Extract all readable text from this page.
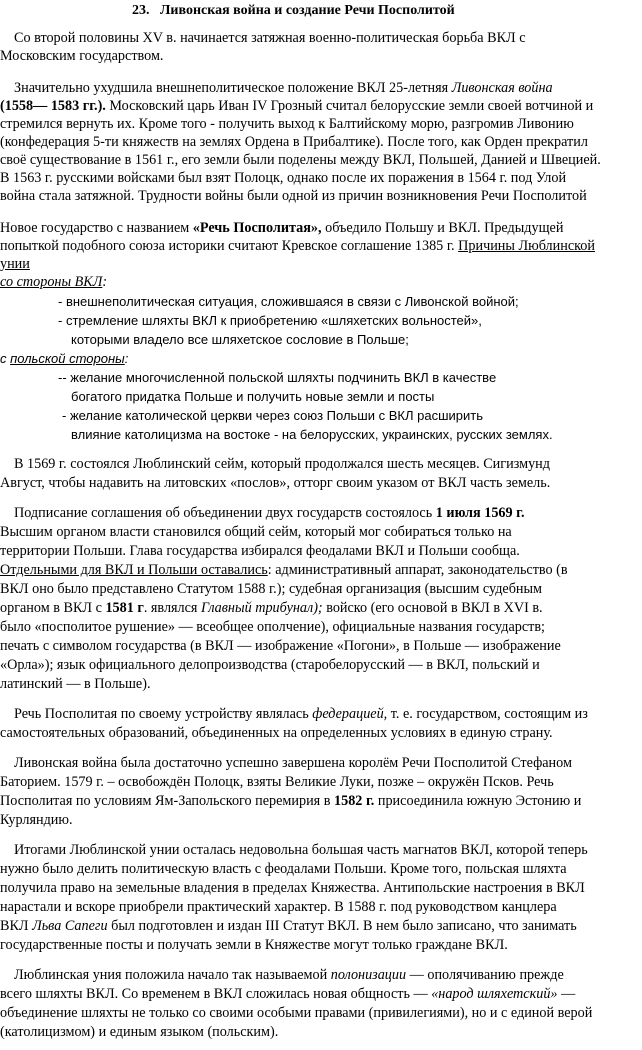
23. Ливонская война и создание Речи Посполитой
Со второй половины XV в. начинается затяжная военно-политическая борьба ВКЛ с
Московским государством.
Значительно ухудшила внешнеполитическое положение ВКЛ 25-летняя Ливонская война
(1558— 1583 гг.). Московский царь Иван IV Грозный считал белорусские земли своей вотчиной и
стремился вернуть их. Кроме того - получить выход к Балтийскому морю, разгромив Ливонию
(конфедерация 5-ти княжеств на землях Ордена в Прибалтике). После того, как Орден прекратил
своё существование в 1561 г., его земли были поделены между ВКЛ, Польшей, Данией и Швецией.
В 1563 г. русскими войсками был взят Полоцк, однако после их поражения в 1564 г. под Улой
война стала затяжной. Трудности войны были одной из причин возникновения Речи Посполитой
Новое государство с названием «Речь Посполитая», объедило Польшу и ВКЛ. Предыдущей
попыткой подобного союза историки считают Кревское соглашение 1385 г. Причины Люблинской
унии
со стороны ВКЛ:
- внешнеполитическая ситуация, сложившаяся в связи с Ливонской войной;
- стремление шляхты ВКЛ к приобретению «шляхетских вольностей»,
которыми владело все шляхетское сословие в Польше;
с польской стороны:
-- желание многочисленной польской шляхты подчинить ВКЛ в качестве
богатого придатка Польше и получить новые земли и посты
- желание католической церкви через союз Польши с ВКЛ расширить
влияние католицизма на востоке - на белорусских, украинских, русских землях.
В 1569 г. состоялся Люблинский сейм, который продолжался шесть месяцев. Сигизмунд
Август, чтобы надавить на литовских «послов», отторг своим указом от ВКЛ часть земель.
Подписание соглашения об объединении двух государств состоялось 1 июля 1569 г.
Высшим органом власти становился общий сейм, который мог собираться только на
территории Польши. Глава государства избирался феодалами ВКЛ и Польши сообща.
Отдельными для ВКЛ и Польши оставались: административный аппарат, законодательство (в
ВКЛ оно было представлено Статутом 1588 г.); судебная организация (высшим судебным
органом в ВКЛ с 1581 г. являлся Главный трибунал); войско (его основой в ВКЛ в XVI в.
было «посполитое рушение» — всеобщее ополчение), официальные названия государств;
печать с символом государства (в ВКЛ — изображение «Погони», в Польше — изображение
«Орла»); язык официального делопроизводства (старобелорусский — в ВКЛ, польский и
латинский — в Польше).
Речь Посполитая по своему устройству являлась федерацией, т. е. государством, состоящим из
самостоятельных образований, объединенных на определенных условиях в единую страну.
Ливонская война была достаточно успешно завершена королём Речи Посполитой Стефаном
Баторием. 1579 г. – освобождён Полоцк, взяты Великие Луки, позже – окружён Псков. Речь
Посполитая по условиям Ям-Запольского перемирия в 1582 г. присоединила южную Эстонию и
Курляндию.
Итогами Люблинской унии осталась недовольна большая часть магнатов ВКЛ, которой теперь
нужно было делить политическую власть с феодалами Польши. Кроме того, польская шляхта
получила право на земельные владения в пределах Княжества. Антипольские настроения в ВКЛ
нарастали и вскоре приобрели практический характер. В 1588 г. под руководством канцлера
ВКЛ Льва Сапеги был подготовлен и издан III Статут ВКЛ. В нем было записано, что занимать
государственные посты и получать земли в Княжестве могут только граждане ВКЛ.
Люблинская уния положила начало так называемой полонизации — ополячиванию прежде
всего шляхты ВКЛ. Со временем в ВКЛ сложилась новая общность — «народ шляхетский» —
объединение шляхты не только со своими особыми правами (привилегиями), но и с единой верой
(католицизмом) и единым языком (польским).
